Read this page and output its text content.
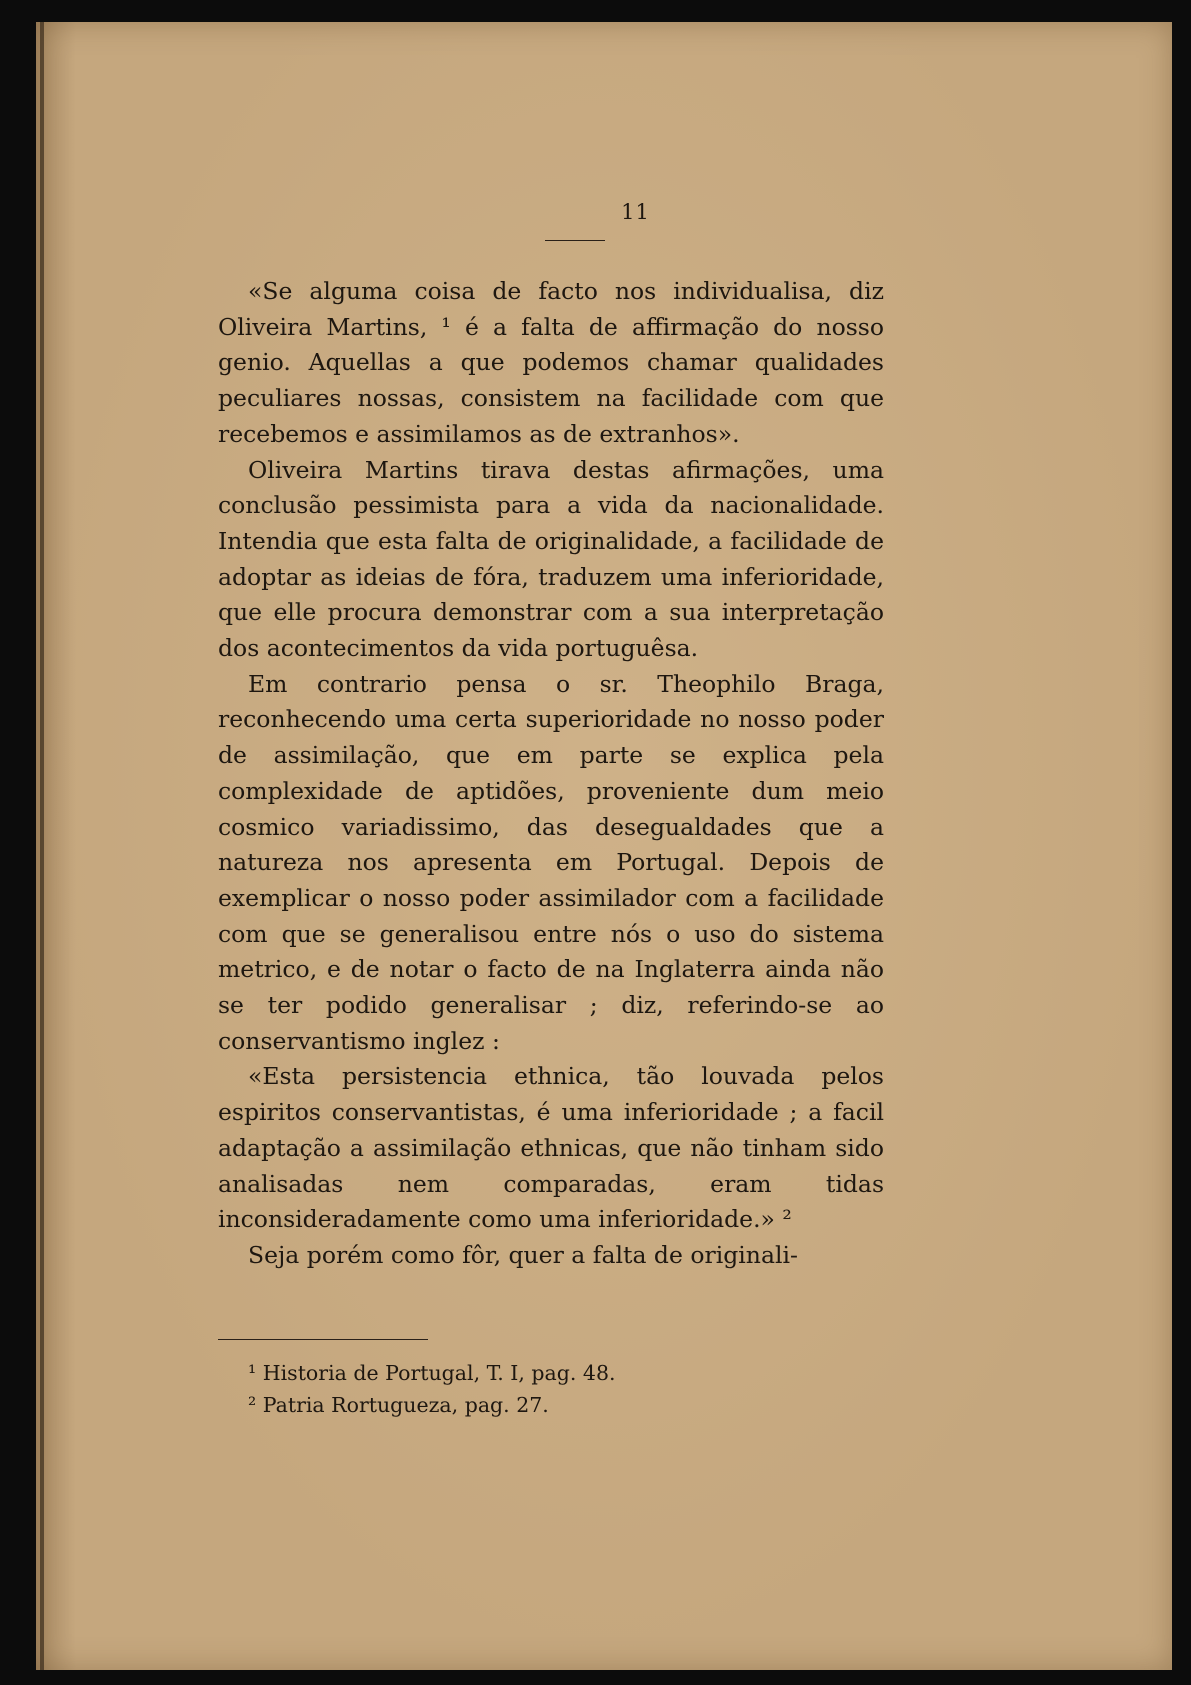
11

«Se alguma coisa de facto nos individualisa, diz Oliveira Martins, ¹ é a falta de affirmação do nosso genio. Aquellas a que podemos chamar qualidades peculiares nossas, consistem na facilidade com que recebemos e assimilamos as de extranhos».

Oliveira Martins tirava destas afirmações, uma conclusão pessimista para a vida da nacionalidade. Intendia que esta falta de originalidade, a facilidade de adoptar as ideias de fóra, traduzem uma inferioridade, que elle procura demonstrar com a sua interpretação dos acontecimentos da vida portuguêsa.

Em contrario pensa o sr. Theophilo Braga, reconhecendo uma certa superioridade no nosso poder de assimilação, que em parte se explica pela complexidade de aptidões, proveniente dum meio cosmico variadissimo, das desegualdades que a natureza nos apresenta em Portugal. Depois de exemplicar o nosso poder assimilador com a facilidade com que se generalisou entre nós o uso do sistema metrico, e de notar o facto de na Inglaterra ainda não se ter podido generalisar ; diz, referindo-se ao conservantismo inglez :

«Esta persistencia ethnica, tão louvada pelos espiritos conservantistas, é uma inferioridade ; a facil adaptação a assimilação ethnicas, que não tinham sido analisadas nem comparadas, eram tidas inconsideradamente como uma inferioridade.» ²

Seja porém como fôr, quer a falta de originali-

¹ Historia de Portugal, T. I, pag. 48.
² Patria Rortugueza, pag. 27.
